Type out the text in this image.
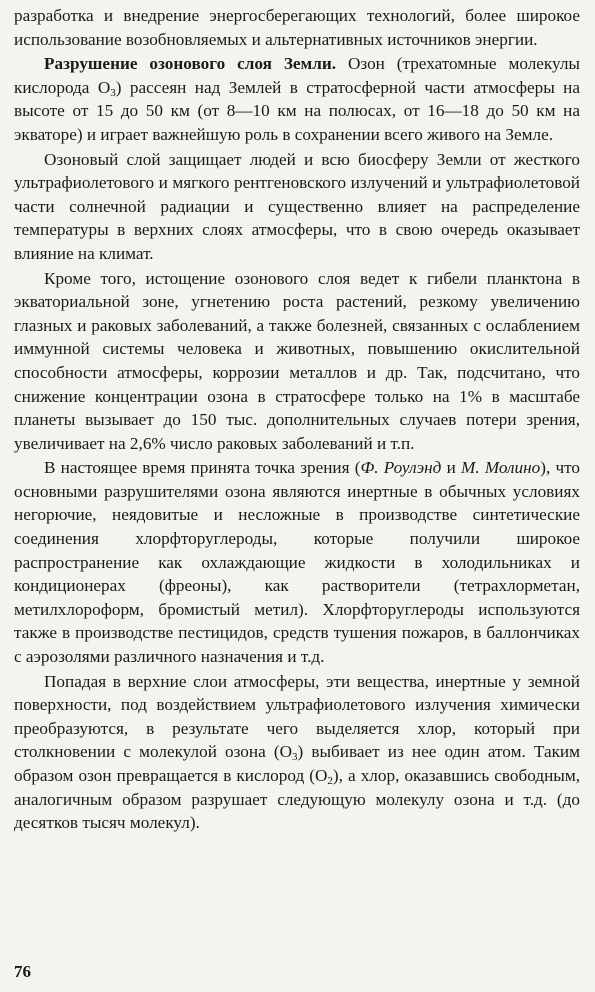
разработка и внедрение энергосберегающих технологий, более широкое использование возобновляемых и альтернативных источников энергии.

Разрушение озонового слоя Земли. Озон (трехатомные молекулы кислорода $O_3$) рассеян над Землей в стратосферной части атмосферы на высоте от 15 до 50 км (от 8—10 км на полюсах, от 16—18 до 50 км на экваторе) и играет важнейшую роль в сохранении всего живого на Земле.

Озоновый слой защищает людей и всю биосферу Земли от жесткого ультрафиолетового и мягкого рентгеновского излучений и ультрафиолетовой части солнечной радиации и существенно влияет на распределение температуры в верхних слоях атмосферы, что в свою очередь оказывает влияние на климат.

Кроме того, истощение озонового слоя ведет к гибели планктона в экваториальной зоне, угнетению роста растений, резкому увеличению глазных и раковых заболеваний, а также болезней, связанных с ослаблением иммунной системы человека и животных, повышению окислительной способности атмосферы, коррозии металлов и др. Так, подсчитано, что снижение концентрации озона в стратосфере только на 1% в масштабе планеты вызывает до 150 тыс. дополнительных случаев потери зрения, увеличивает на 2,6% число раковых заболеваний и т.п.

В настоящее время принята точка зрения (Ф. Роулэнд и М. Молино), что основными разрушителями озона являются инертные в обычных условиях негорючие, неядовитые и несложные в производстве синтетические соединения хлорфторуглероды, которые получили широкое распространение как охлаждающие жидкости в холодильниках и кондиционерах (фреоны), как растворители (тетрахлорметан, метилхлороформ, бромистый метил). Хлорфторуглероды используются также в производстве пестицидов, средств тушения пожаров, в баллончиках с аэрозолями различного назначения и т.д.

Попадая в верхние слои атмосферы, эти вещества, инертные у земной поверхности, под воздействием ультрафиолетового излучения химически преобразуются, в результате чего выделяется хлор, который при столкновении с молекулой озона $(O_3)$ выбивает из нее один атом. Таким образом озон превращается в кислород $(O_2)$, а хлор, оказавшись свободным, аналогичным образом разрушает следующую молекулу озона и т.д. (до десятков тысяч молекул).

76
